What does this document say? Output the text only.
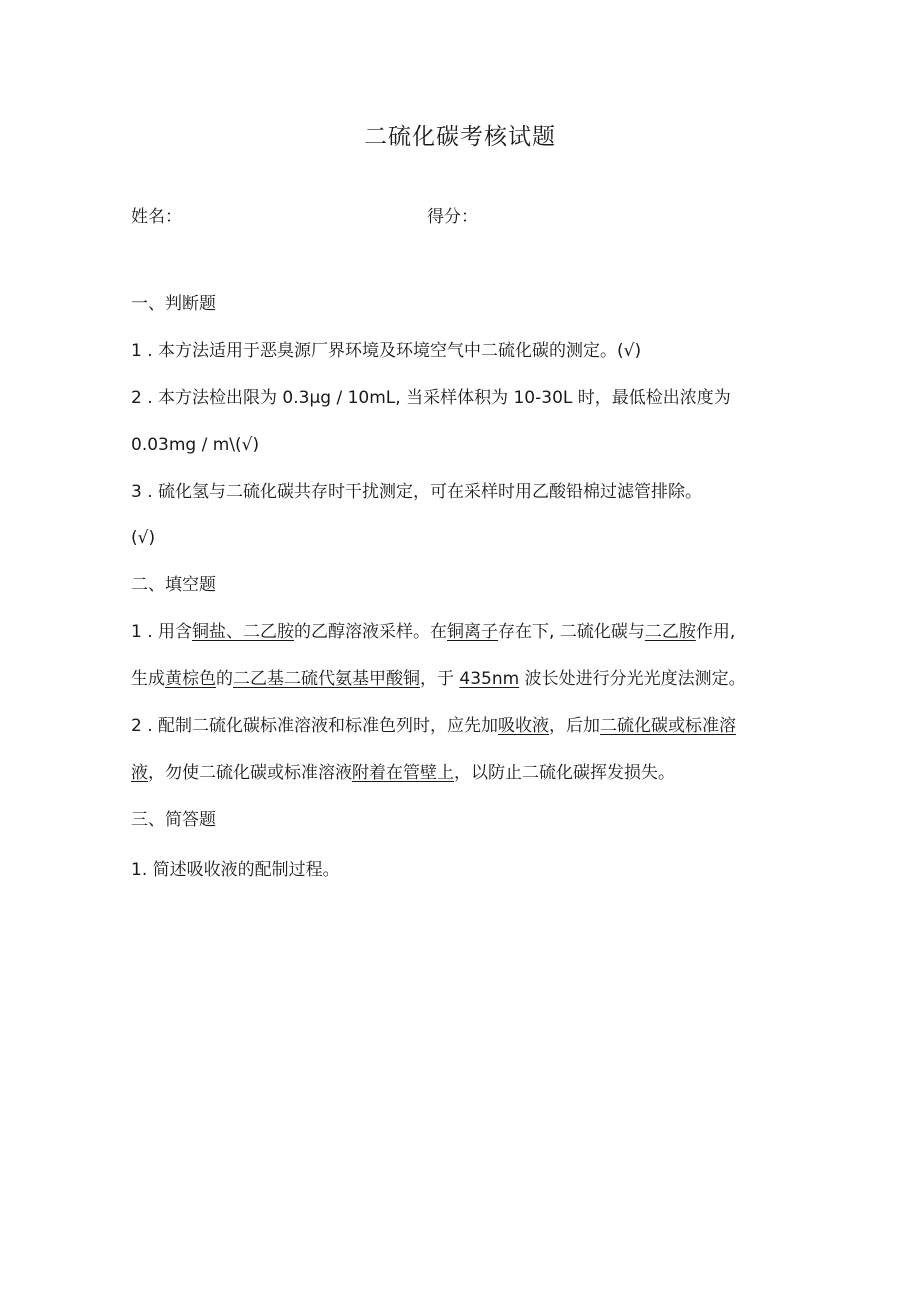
二硫化碳考核试题
姓名：	得分：
一、判断题
1 . 本方法适用于恶臭源厂界环境及环境空气中二硫化碳的测定。(√)
2 . 本方法检出限为 0.3μg / 10mL, 当采样体积为 10-30L 时，最低检出浓度为
0.03mg / m\(√)
3 . 硫化氢与二硫化碳共存时干扰测定，可在采样时用乙酸铅棉过滤管排除。
(√)
二、填空题
1 . 用含铜盐、二乙胺的乙醇溶液采样。在铜离子存在下, 二硫化碳与二乙胺作用,
生成黄棕色的二乙基二硫代氨基甲酸铜，于 435nm 波长处进行分光光度法测定。
2 . 配制二硫化碳标准溶液和标准色列时，应先加吸收液，后加二硫化碳或标准溶
液，勿使二硫化碳或标准溶液附着在管壁上，以防止二硫化碳挥发损失。
三、简答题
1. 简述吸收液的配制过程。
